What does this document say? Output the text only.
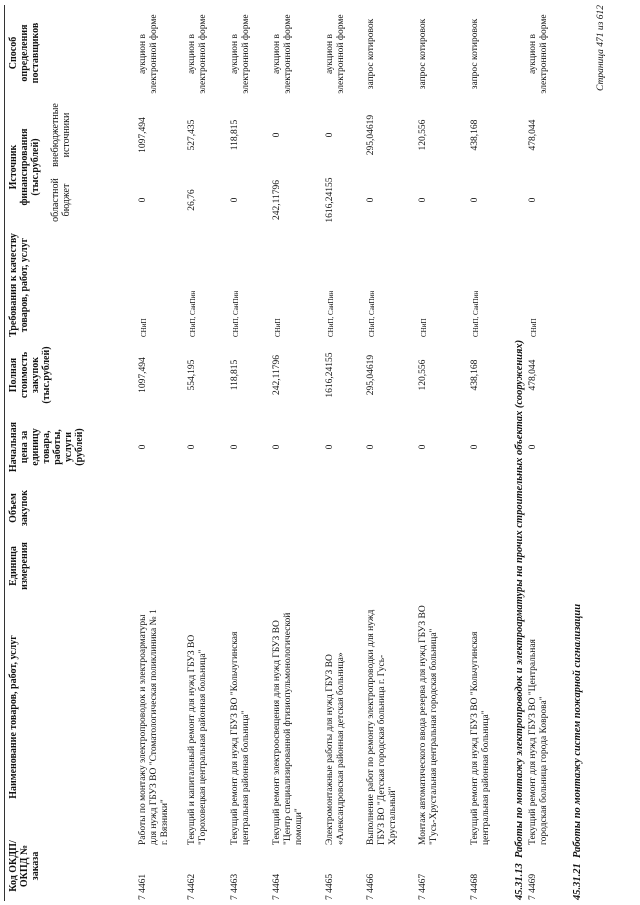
Код ОКДП/ ОКПД № заказа
Наименование товаров, работ, услуг
Единица измерения
Объем закупок
Начальная цена за единицу товара, работы, услуги (рублей)
Полная стоимость закупок (тыс.рублей)
Требования к качеству товаров, работ, услуг
Источник финансирования (тыс.рублей)
областной бюджет
внебюджетные источники
Способ определения поставщиков
7 4461
Работы по монтажу электропроводок и электроарматуры для нужд ГБУЗ ВО "Стоматологическая поликлиника № 1 г. Вязники"
0
1097,494
СНиП
0
1097,494
аукцион в электронной форме
7 4462
Текущий и капитальный ремонт для нужд ГБУЗ ВО "Гороховецкая центральная районная больница"
0
554,195
СНиП, СанПин
26,76
527,435
аукцион в электронной форме
7 4463
Текущий ремонт для нужд ГБУЗ ВО "Кольчугинская центральная районная больница"
0
118,815
СНиП, СанПин
0
118,815
аукцион в электронной форме
7 4464
Текущий ремонт электроосвещения для нужд ГБУЗ ВО "Центр специализированной фтизиопульмонологической помощи"
0
242,11796
СНиП
242,11796
0
аукцион в электронной форме
7 4465
Электромонтажные работы для нужд ГБУЗ ВО «Александровская районная детская больница»
0
1616,24155
СНиП, СанПин
1616,24155
0
аукцион в электронной форме
7 4466
Выполнение работ по ремонту электропроводки для нужд ГБУЗ ВО "Детская городская больница г. Гусь-Хрустальный"
0
295,04619
СНиП, СанПин
0
295,04619
запрос котировок
7 4467
Монтаж автоматического ввода резерва для нужд ГБУЗ ВО "Гусь-Хрустальная центральная городская больница"
0
120,556
СНиП
0
120,556
запрос котировок
7 4468
Текущий ремонт для нужд ГБУЗ ВО "Кольчугинская центральная районная больница"
0
438,168
СНиП, СанПин
0
438,168
запрос котировок
45.31.13  Работы по монтажу электропроводок и электроарматуры на прочих строительных объектах (сооружениях)
7 4469
Текущий ремонт для нужд ГБУЗ ВО "Центральная городская больница города Коврова"
0
478,044
СНиП
0
478,044
аукцион в электронной форме
45.31.21  Работы по монтажу систем пожарной сигнализации
Страница 471 из 612
